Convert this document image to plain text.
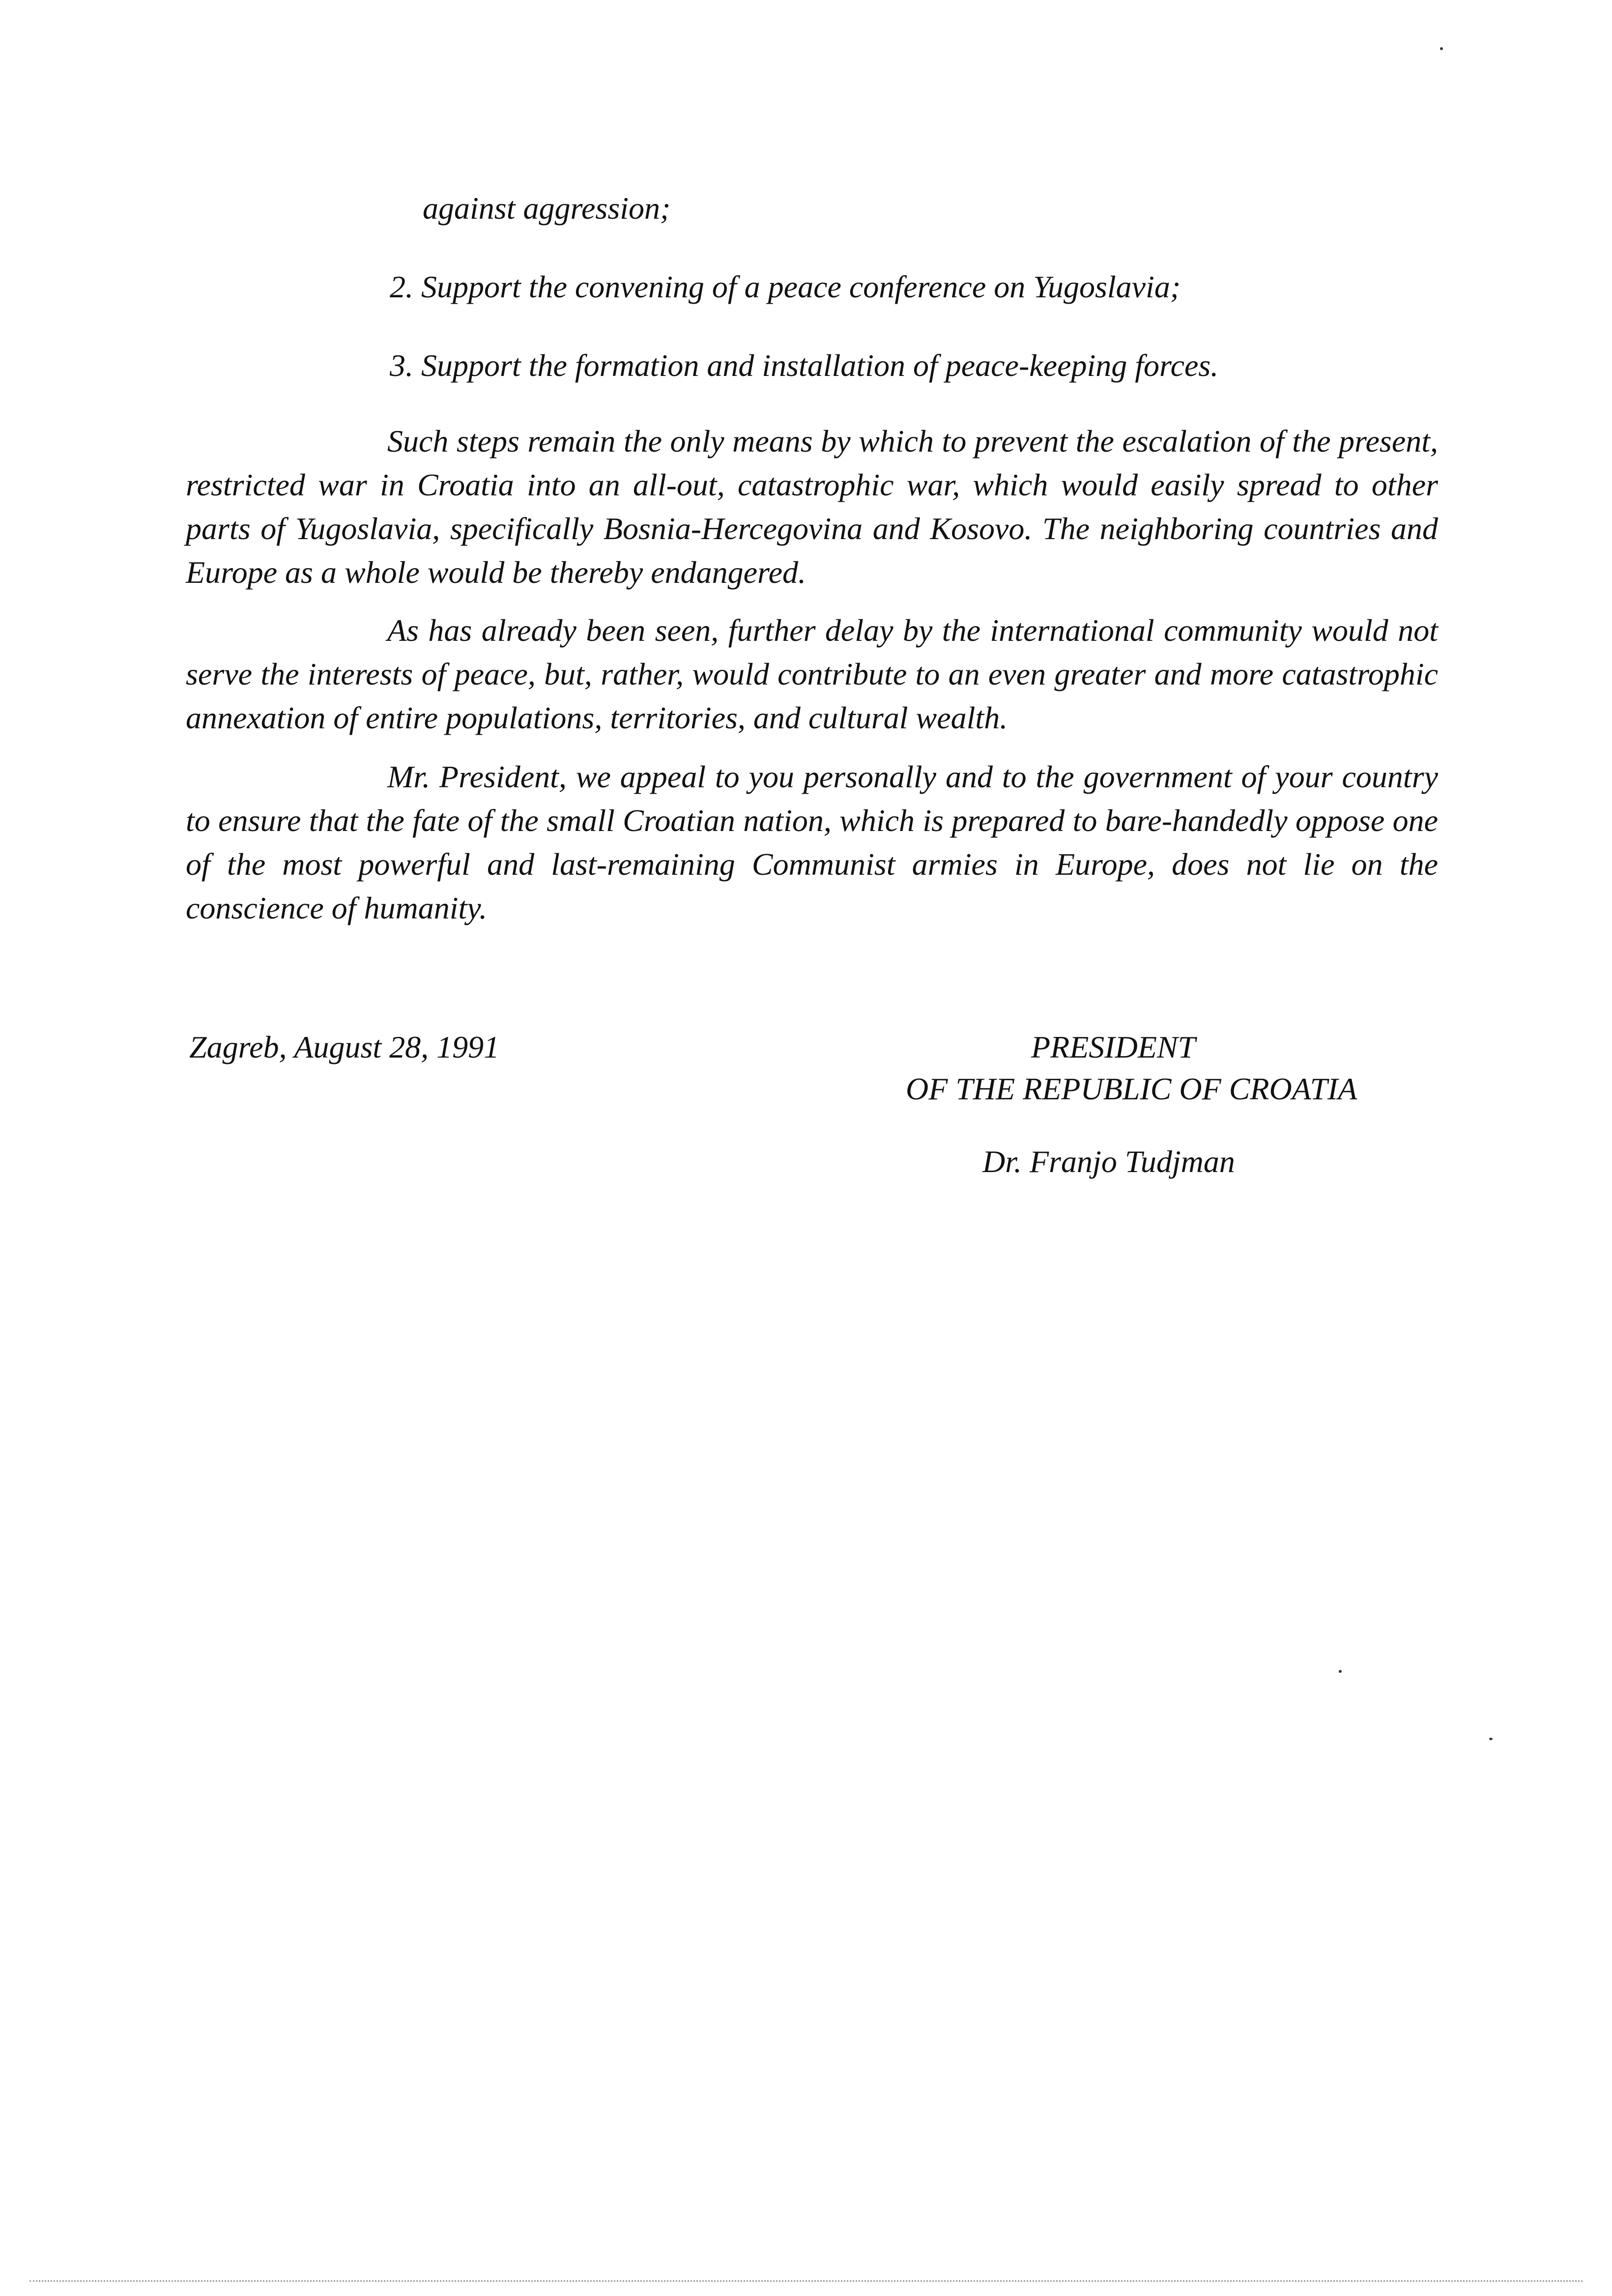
against aggression;
2. Support the convening of a peace conference on Yugoslavia;
3. Support the formation and installation of peace-keeping forces.
Such steps remain the only means by which to prevent the escalation of the present, restricted war in Croatia into an all-out, catastrophic war, which would easily spread to other parts of Yugoslavia, specifically Bosnia-Hercegovina and Kosovo. The neighboring countries and Europe as a whole would be thereby endangered.
As has already been seen, further delay by the international community would not serve the interests of peace, but, rather, would contribute to an even greater and more catastrophic annexation of entire populations, territories, and cultural wealth.
Mr. President, we appeal to you personally and to the government of your country to ensure that the fate of the small Croatian nation, which is prepared to bare-handedly oppose one of the most powerful and last-remaining Communist armies in Europe, does not lie on the conscience of humanity.
Zagreb, August 28, 1991	PRESIDENT
OF THE REPUBLIC OF CROATIA
Dr. Franjo Tudjman
